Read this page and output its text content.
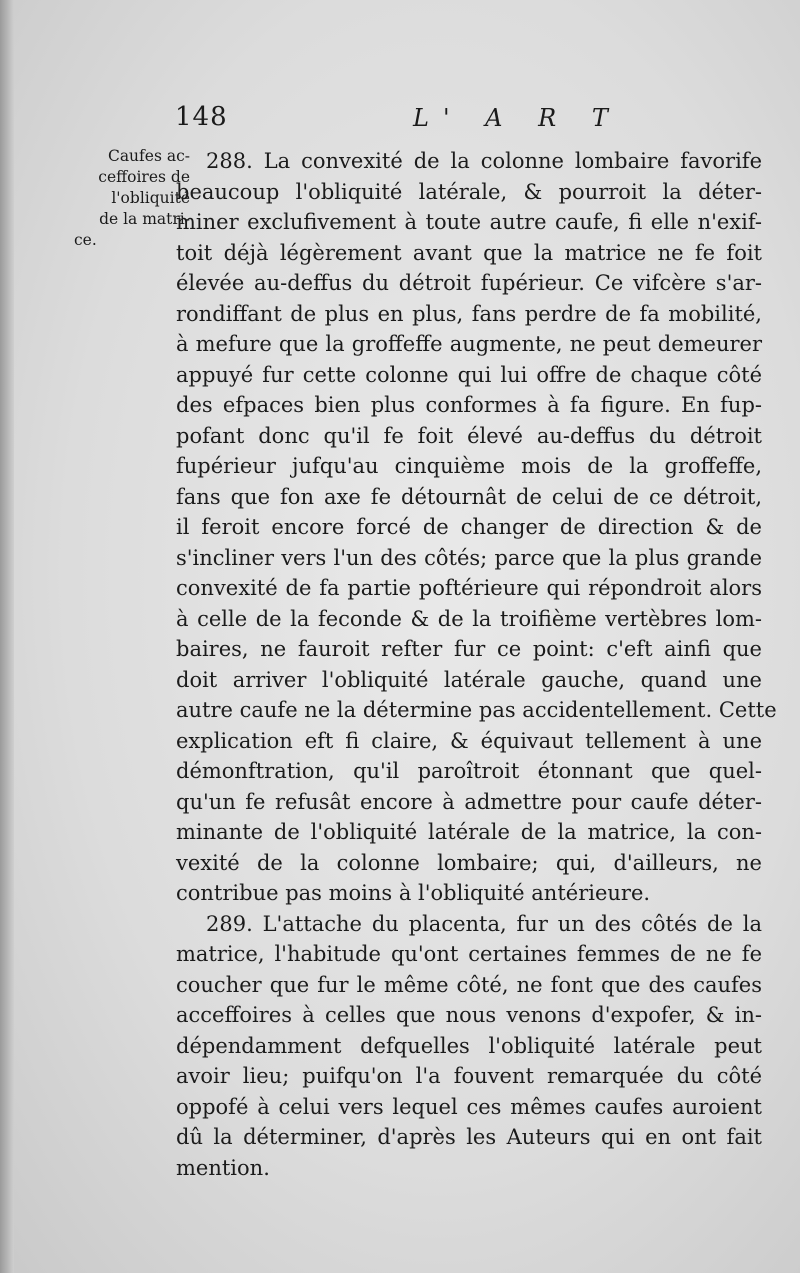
148	L' A R T
Caufes ac-
ceffoires de
l'obliquité
de la matri-
ce.
288. La convexité de la colonne lombaire favorife
beaucoup l'obliquité latérale, & pourroit la déter-
miner exclufivement à toute autre caufe, fi elle n'exif-
toit déjà légèrement avant que la matrice ne fe foit
élevée au-deffus du détroit fupérieur. Ce vifcère s'ar-
rondiffant de plus en plus, fans perdre de fa mobilité,
à mefure que la groffeffe augmente, ne peut demeurer
appuyé fur cette colonne qui lui offre de chaque côté
des efpaces bien plus conformes à fa figure. En fup-
pofant donc qu'il fe foit élevé au-deffus du détroit
fupérieur jufqu'au cinquième mois de la groffeffe,
fans que fon axe fe détournât de celui de ce détroit,
il feroit encore forcé de changer de direction & de
s'incliner vers l'un des côtés; parce que la plus grande
convexité de fa partie poftérieure qui répondroit alors
à celle de la feconde & de la troifième vertèbres lom-
baires, ne fauroit refter fur ce point: c'eft ainfi que
doit arriver l'obliquité latérale gauche, quand une
autre caufe ne la détermine pas accidentellement. Cette
explication eft fi claire, & équivaut tellement à une
démonftration, qu'il paroîtroit étonnant que quel-
qu'un fe refusât encore à admettre pour caufe déter-
minante de l'obliquité latérale de la matrice, la con-
vexité de la colonne lombaire; qui, d'ailleurs, ne
contribue pas moins à l'obliquité antérieure.
289. L'attache du placenta, fur un des côtés de la
matrice, l'habitude qu'ont certaines femmes de ne fe
coucher que fur le même côté, ne font que des caufes
acceffoires à celles que nous venons d'expofer, & in-
dépendamment defquelles l'obliquité latérale peut
avoir lieu; puifqu'on l'a fouvent remarquée du côté
oppofé à celui vers lequel ces mêmes caufes auroient
dû la déterminer, d'après les Auteurs qui en ont fait
mention.
